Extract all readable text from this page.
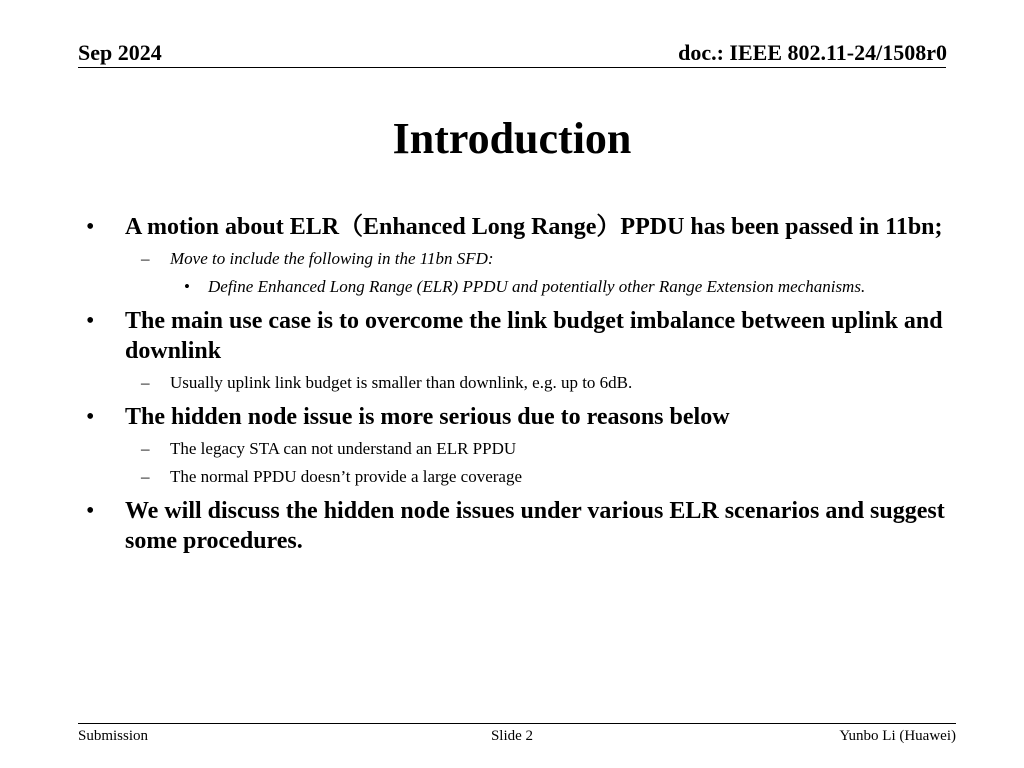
Sep 2024	doc.: IEEE 802.11-24/1508r0
Introduction
• A motion about ELR（Enhanced Long Range）PPDU has been passed in 11bn;
– Move to include the following in the 11bn SFD:
• Define Enhanced Long Range (ELR) PPDU and potentially other Range Extension mechanisms.
• The main use case is to overcome the link budget imbalance between uplink and downlink
– Usually uplink link budget is smaller than downlink, e.g. up to 6dB.
• The hidden node issue is more serious due to reasons below
– The legacy STA can not understand an ELR PPDU
– The normal PPDU doesn’t provide a large coverage
• We will discuss the hidden node issues under various ELR scenarios and suggest some procedures.
Submission	Slide 2	Yunbo Li (Huawei)
